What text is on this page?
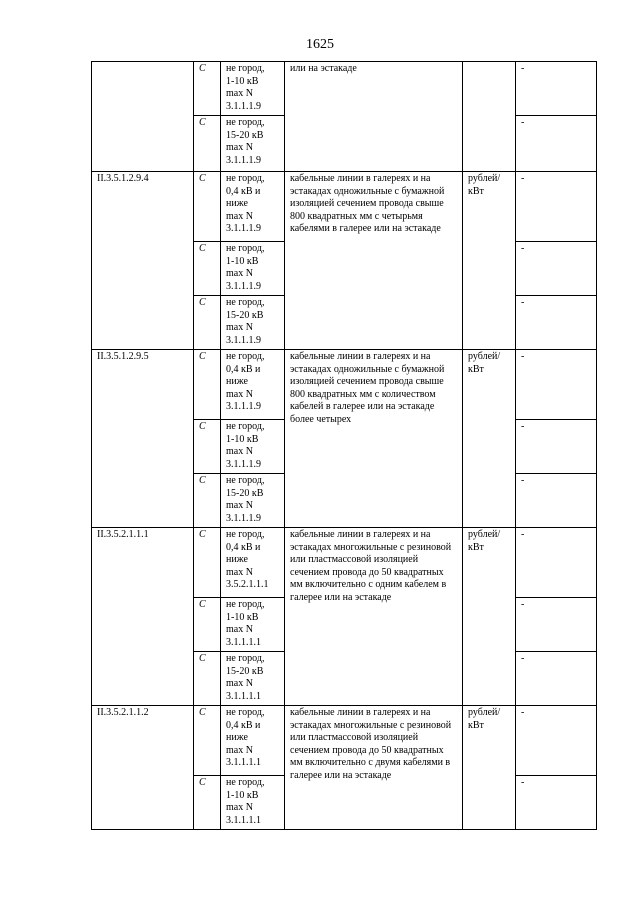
1625
	С	не город,
1-10 кВ
max N
3.1.1.1.9	или на эстакаде		-
	С	не город,
15-20 кВ
max N
3.1.1.1.9			-
II.3.5.1.2.9.4	С	не город,
0,4 кВ и
ниже
max N
3.1.1.1.9	кабельные линии в галереях и на эстакадах одножильные с бумажной изоляцией сечением провода свыше 800 квадратных мм с четырьмя кабелями в галерее или на эстакаде	рублей/ кВт	-
	С	не город,
1-10 кВ
max N
3.1.1.1.9			-
	С	не город,
15-20 кВ
max N
3.1.1.1.9			-
II.3.5.1.2.9.5	С	не город,
0,4 кВ и
ниже
max N
3.1.1.1.9	кабельные линии в галереях и на эстакадах одножильные с бумажной изоляцией сечением провода свыше 800 квадратных мм с количеством кабелей в галерее или на эстакаде более четырех	рублей/ кВт	-
	С	не город,
1-10 кВ
max N
3.1.1.1.9			-
	С	не город,
15-20 кВ
max N
3.1.1.1.9			-
II.3.5.2.1.1.1	С	не город,
0,4 кВ и
ниже
max N
3.5.2.1.1.1	кабельные линии в галереях и на эстакадах многожильные с резиновой или пластмассовой изоляцией сечением провода до 50 квадратных мм включительно с одним кабелем в галерее или на эстакаде	рублей/ кВт	-
	С	не город,
1-10 кВ
max N
3.1.1.1.1			-
	С	не город,
15-20 кВ
max N
3.1.1.1.1			-
II.3.5.2.1.1.2	С	не город,
0,4 кВ и
ниже
max N
3.1.1.1.1	кабельные линии в галереях и на эстакадах многожильные с резиновой или пластмассовой изоляцией сечением провода до 50 квадратных мм включительно с двумя кабелями в галерее или на эстакаде	рублей/ кВт	-
	С	не город,
1-10 кВ
max N
3.1.1.1.1			-
